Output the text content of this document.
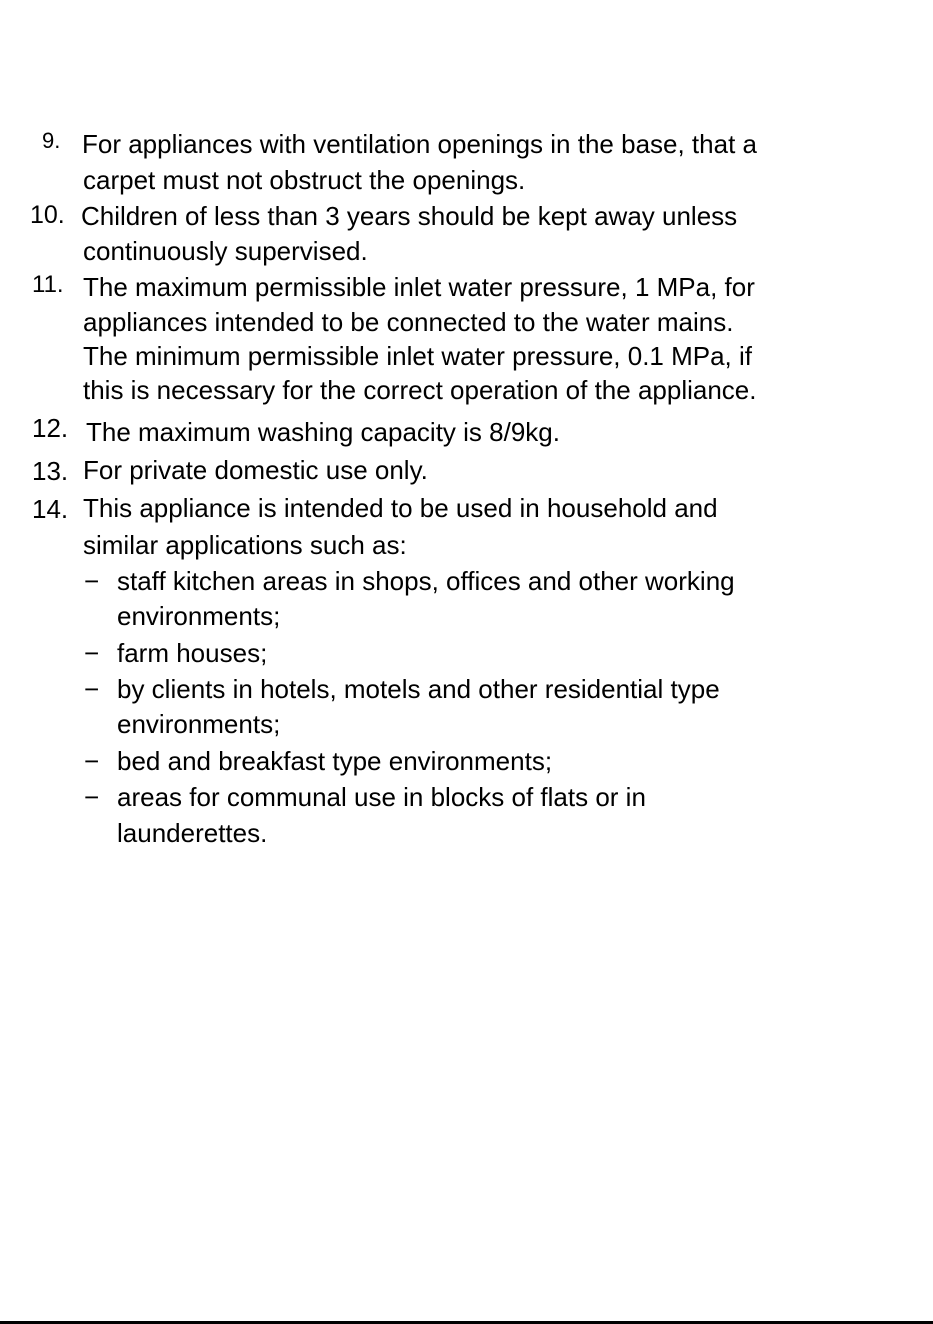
9. For appliances with ventilation openings in the base, that a
carpet must not obstruct the openings.
10. Children of less than 3 years should be kept away unless
continuously supervised.
11. The maximum permissible inlet water pressure, 1 MPa, for
appliances intended to be connected to the water mains.
The minimum permissible inlet water pressure, 0.1 MPa, if
this is necessary for the correct operation of the appliance.
12. The maximum washing capacity is 8/9kg.
13. For private domestic use only.
14. This appliance is intended to be used in household and
similar applications such as:
− staff kitchen areas in shops, offices and other working
environments;
− farm houses;
− by clients in hotels, motels and other residential type
environments;
− bed and breakfast type environments;
− areas for communal use in blocks of flats or in
launderettes.
